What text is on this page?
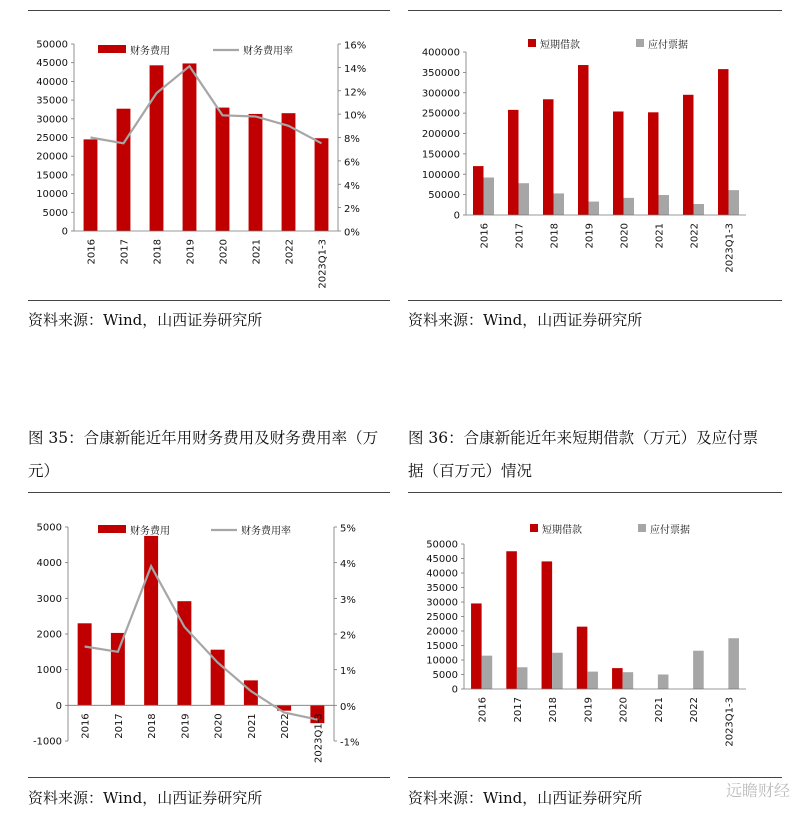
0
5000
10000
15000
20000
25000
30000
35000
40000
45000
50000
0%
2%
4%
6%
8%
10%
12%
14%
16%
2016 2017 2018 2019 2020 2021 2022 2023Q1-3
财务费用	财务费用率
0
50000
100000
150000
200000
250000
300000
350000
400000
2016 2017 2018 2019 2020 2021 2022 2023Q1-3
短期借款	应付票据
资料来源：Wind，山西证券研究所	资料来源：Wind，山西证券研究所
图 35：合康新能近年用财务费用及财务费用率（万
元）
图 36：合康新能近年来短期借款（万元）及应付票
据（百万元）情况
-1000
0
1000
2000
3000
4000
5000
-1%
0%
1%
2%
3%
4%
5%
2016 2017 2018 2019 2020 2021 2022 2023Q1-3
财务费用	财务费用率
0
5000
10000
15000
20000
25000
30000
35000
40000
45000
50000
2016 2017 2018 2019 2020 2021 2022 2023Q1-3
短期借款	应付票据
资料来源：Wind，山西证券研究所	资料来源：Wind，山西证券研究所	远瞻财经
